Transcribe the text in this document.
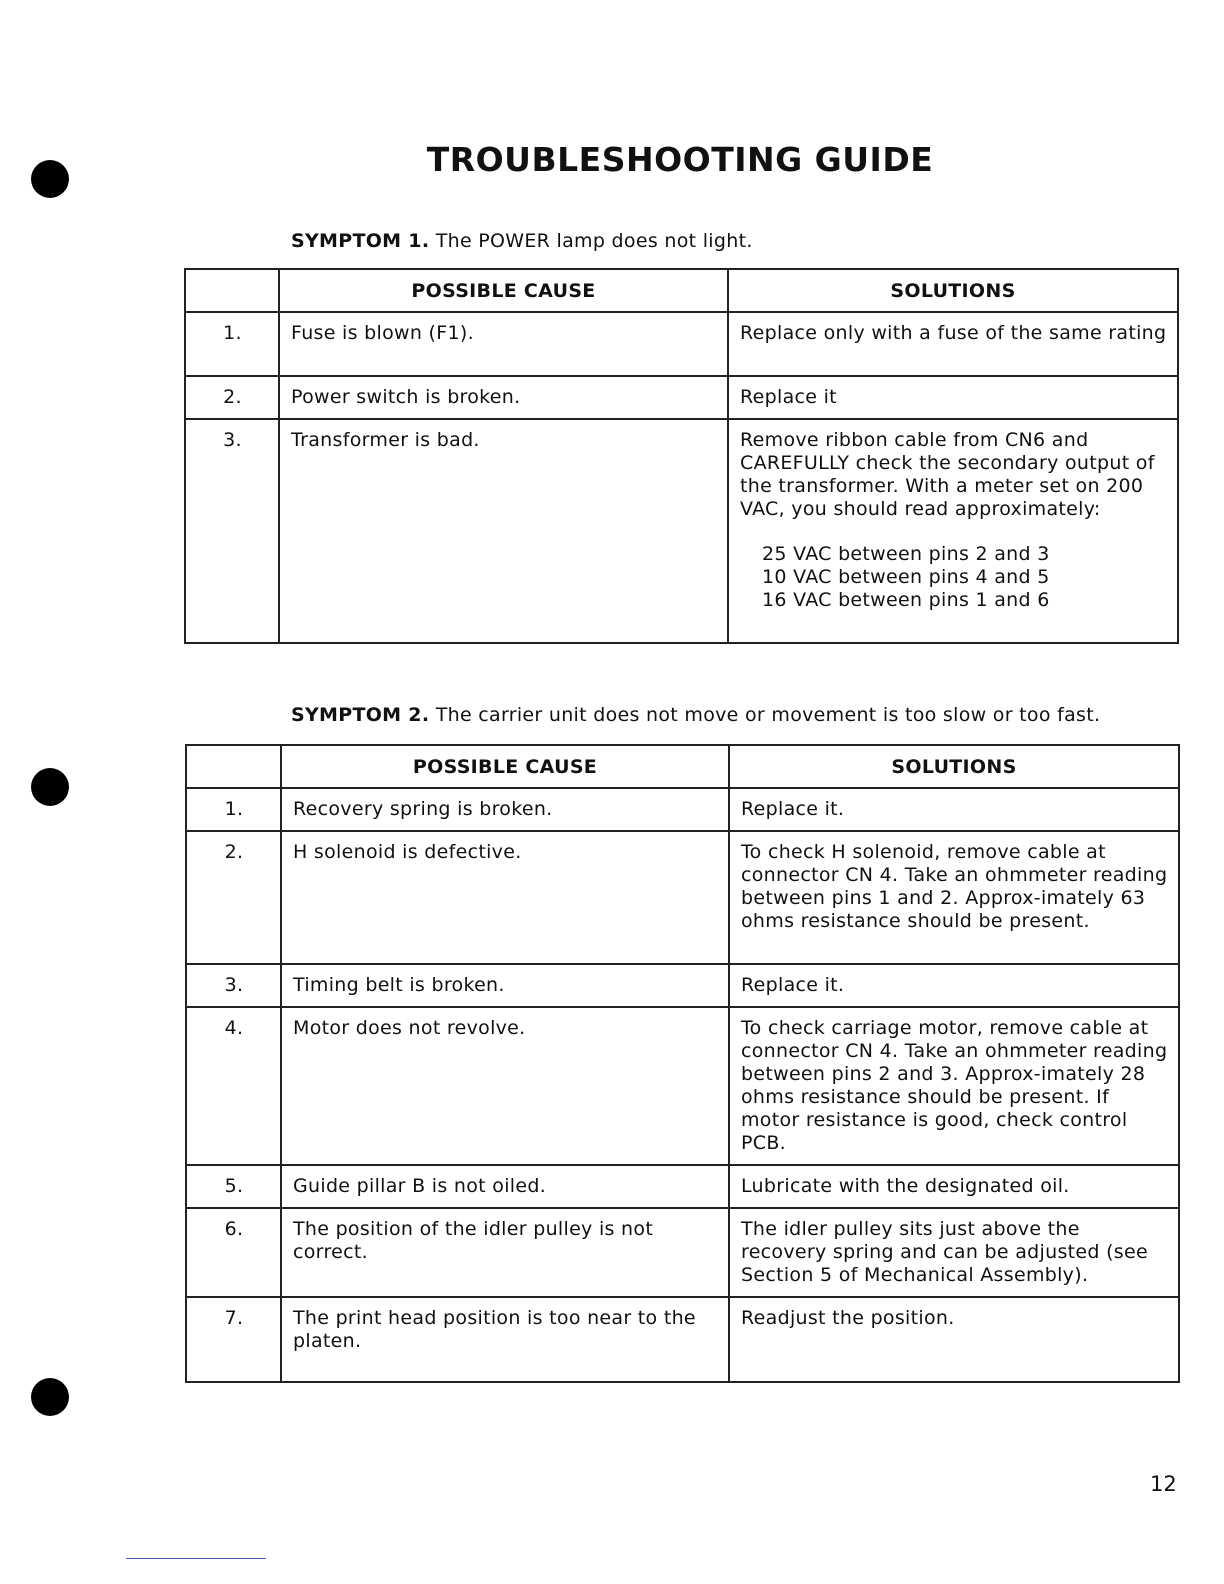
TROUBLESHOOTING GUIDE
SYMPTOM 1. The POWER lamp does not light.
	POSSIBLE CAUSE	SOLUTIONS
1.	Fuse is blown (F1).	Replace only with a fuse of the same rating
2.	Power switch is broken.	Replace it
3.	Transformer is bad.	Remove ribbon cable from CN6 and CAREFULLY check the secondary output of the transformer. With a meter set on 200 VAC, you should read approximately:
25 VAC between pins 2 and 3
10 VAC between pins 4 and 5
16 VAC between pins 1 and 6
SYMPTOM 2. The carrier unit does not move or movement is too slow or too fast.
	POSSIBLE CAUSE	SOLUTIONS
1.	Recovery spring is broken.	Replace it.
2.	H solenoid is defective.	To check H solenoid, remove cable at connector CN 4. Take an ohmmeter reading between pins 1 and 2. Approx-imately 63 ohms resistance should be present.
3.	Timing belt is broken.	Replace it.
4.	Motor does not revolve.	To check carriage motor, remove cable at connector CN 4. Take an ohmmeter reading between pins 2 and 3. Approx-imately 28 ohms resistance should be present. If motor resistance is good, check control PCB.
5.	Guide pillar B is not oiled.	Lubricate with the designated oil.
6.	The position of the idler pulley is not correct.	The idler pulley sits just above the recovery spring and can be adjusted (see Section 5 of Mechanical Assembly).
7.	The print head position is too near to the platen.	Readjust the position.
12
